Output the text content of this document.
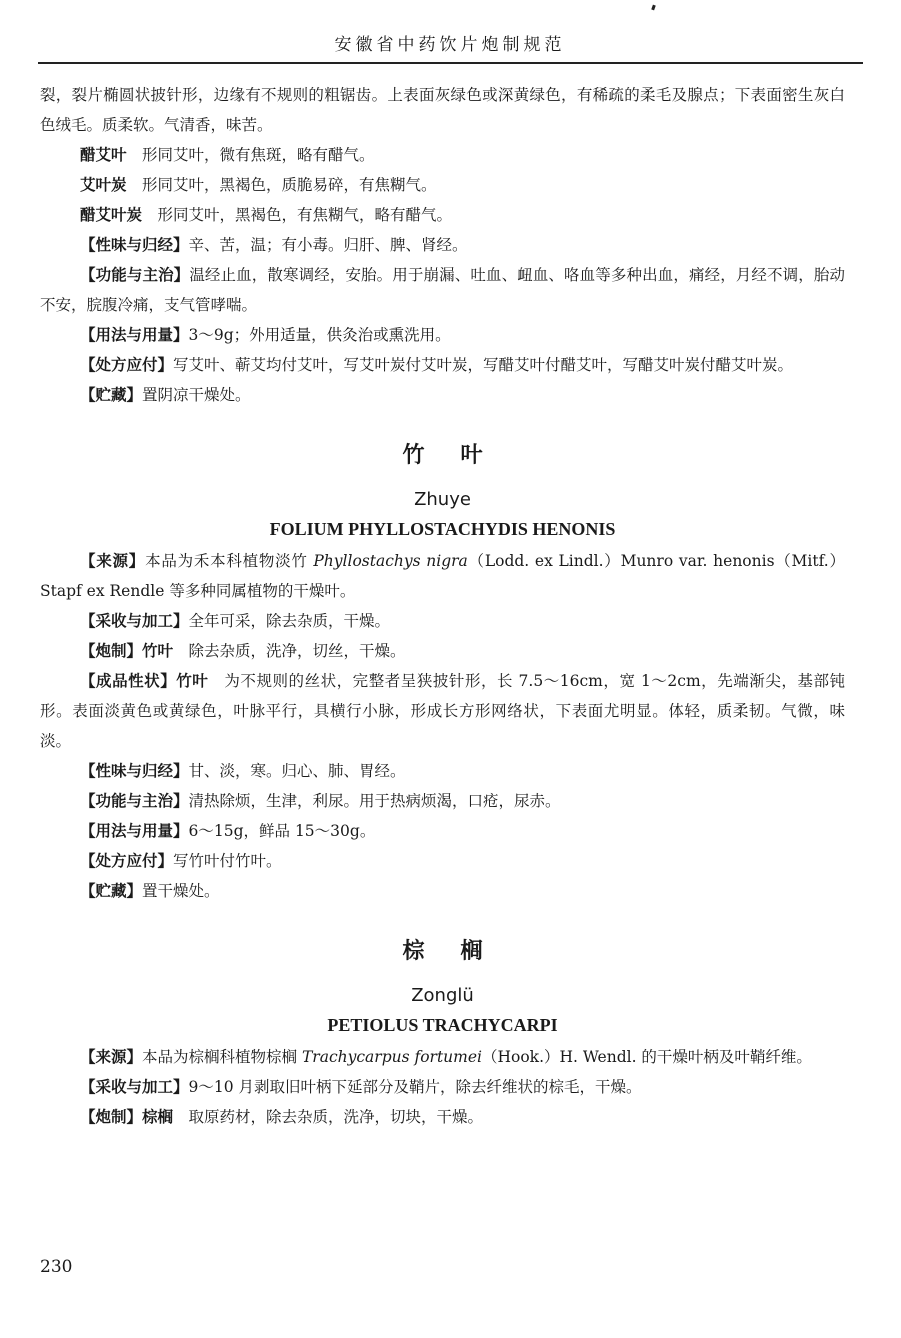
安徽省中药饮片炮制规范

裂，裂片椭圆状披针形，边缘有不规则的粗锯齿。上表面灰绿色或深黄绿色，有稀疏的柔毛及腺点；下表面密生灰白色绒毛。质柔软。气清香，味苦。

醋艾叶　形同艾叶，微有焦斑，略有醋气。

艾叶炭　形同艾叶，黑褐色，质脆易碎，有焦糊气。

醋艾叶炭　形同艾叶，黑褐色，有焦糊气，略有醋气。

【性味与归经】辛、苦，温；有小毒。归肝、脾、肾经。

【功能与主治】温经止血，散寒调经，安胎。用于崩漏、吐血、衄血、咯血等多种出血，痛经，月经不调，胎动不安，脘腹冷痛，支气管哮喘。

【用法与用量】3～9g；外用适量，供灸治或熏洗用。

【处方应付】写艾叶、蕲艾均付艾叶，写艾叶炭付艾叶炭，写醋艾叶付醋艾叶，写醋艾叶炭付醋艾叶炭。

【贮藏】置阴凉干燥处。

竹叶

Zhuye

FOLIUM PHYLLOSTACHYDIS HENONIS

【来源】本品为禾本科植物淡竹 Phyllostachys nigra（Lodd. ex Lindl.）Munro var. henonis（Mitf.）Stapf ex Rendle 等多种同属植物的干燥叶。

【采收与加工】全年可采，除去杂质，干燥。

【炮制】竹叶　除去杂质，洗净，切丝，干燥。

【成品性状】竹叶　为不规则的丝状，完整者呈狭披针形，长 7.5～16cm，宽 1～2cm，先端渐尖，基部钝形。表面淡黄色或黄绿色，叶脉平行，具横行小脉，形成长方形网络状，下表面尤明显。体轻，质柔韧。气微，味淡。

【性味与归经】甘、淡，寒。归心、肺、胃经。

【功能与主治】清热除烦，生津，利尿。用于热病烦渴，口疮，尿赤。

【用法与用量】6～15g，鲜品 15～30g。

【处方应付】写竹叶付竹叶。

【贮藏】置干燥处。

棕榈

Zonglü

PETIOLUS TRACHYCARPI

【来源】本品为棕榈科植物棕榈 Trachycarpus fortumei（Hook.）H. Wendl. 的干燥叶柄及叶鞘纤维。

【采收与加工】9～10 月剥取旧叶柄下延部分及鞘片，除去纤维状的棕毛，干燥。

【炮制】棕榈　取原药材，除去杂质，洗净，切块，干燥。

230
